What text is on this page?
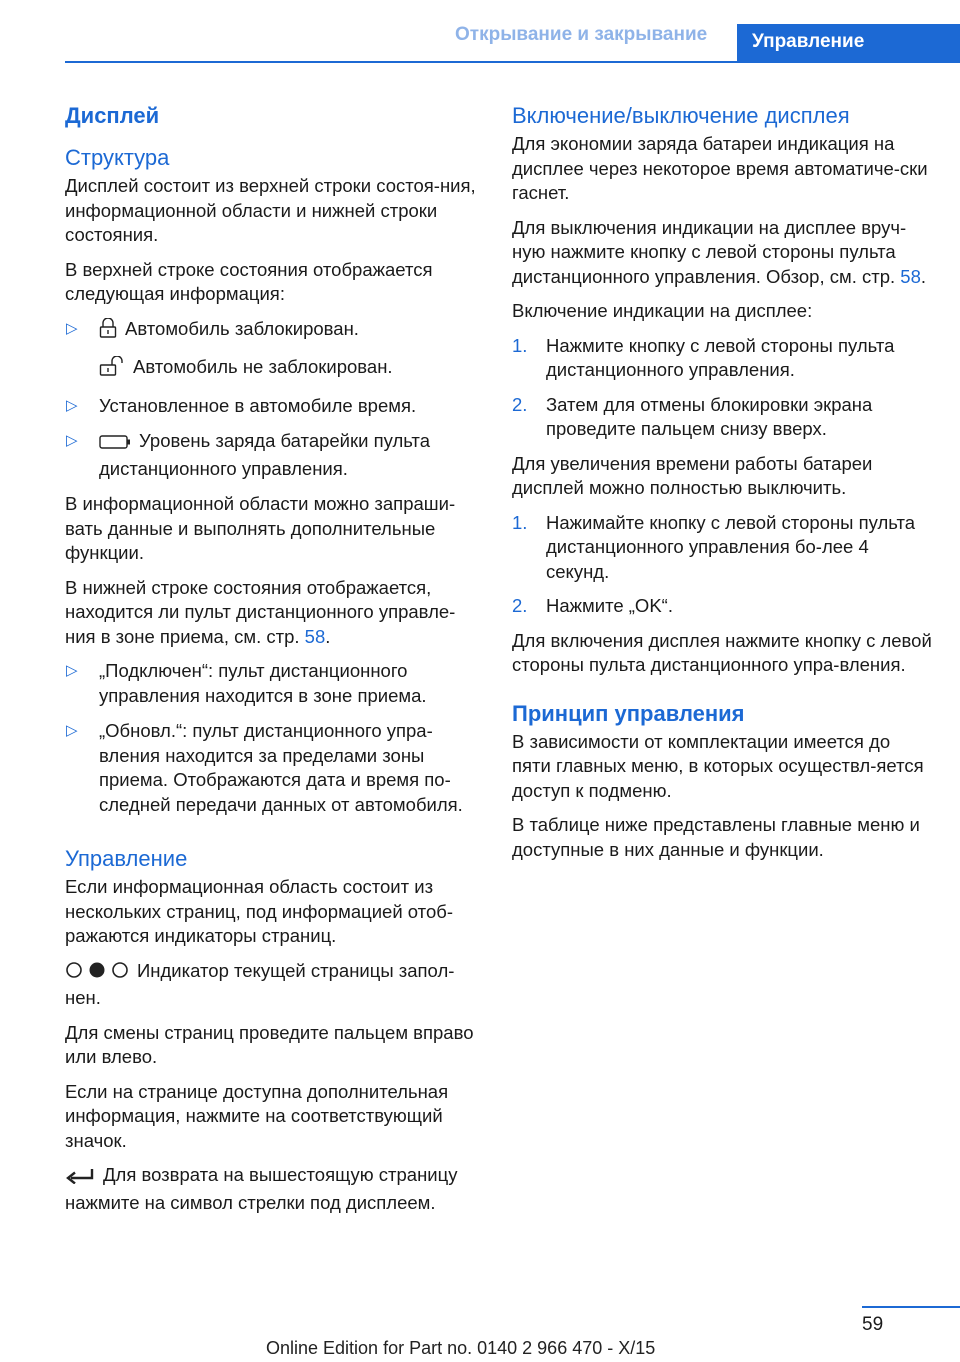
Открывание и закрывание Управление
Дисплей
Структура

Дисплей состоит из верхней строки состоя-ния, информационной области и нижней строки состояния.

В верхней строке состояния отображается следующая информация:

▷	Автомобиль заблокирован.
Автомобиль не заблокирован.
▷ Установленное в автомобиле время.
▷	Уровень заряда батарейки пульта дистанционного управления.

В информационной области можно запраши-вать данные и выполнять дополнительные функции.

В нижней строке состояния отображается, находится ли пульт дистанционного управле-ния в зоне приема, см. стр. 58.

▷ „Подключен“: пульт дистанционного управления находится в зоне приема.
▷ „Обновл.“: пульт дистанционного упра-вления находится за пределами зоны приема. Отображаются дата и время по-следней передачи данных от автомобиля.
Управление

Если информационная область состоит из нескольких страниц, под информацией отоб-ражаются индикаторы страниц.

Индикатор текущей страницы запол-нен.

Для смены страниц проведите пальцем вправо или влево.

Если на странице доступна дополнительная информация, нажмите на соответствующий значок.

Для возврата на вышестоящую страницу нажмите на символ стрелки под дисплеем.

Включение/выключение дисплея

Для экономии заряда батареи индикация на дисплее через некоторое время автоматиче-ски гаснет.

Для выключения индикации на дисплее вруч-ную нажмите кнопку с левой стороны пульта дистанционного управления. Обзор, см. стр. 58.

Включение индикации на дисплее:

1. Нажмите кнопку с левой стороны пульта дистанционного управления.
2. Затем для отмены блокировки экрана проведите пальцем снизу вверх.

Для увеличения времени работы батареи дисплей можно полностью выключить.

1. Нажимайте кнопку с левой стороны пульта дистанционного управления бо-лее 4 секунд.
2. Нажмите „OK“.

Для включения дисплея нажмите кнопку с левой стороны пульта дистанционного упра-вления.

Принцип управления

В зависимости от комплектации имеется до пяти главных меню, в которых осуществл-яется доступ к подменю.

В таблице ниже представлены главные меню и доступные в них данные и функции.

59
Online Edition for Part no. 0140 2 966 470 - X/15
